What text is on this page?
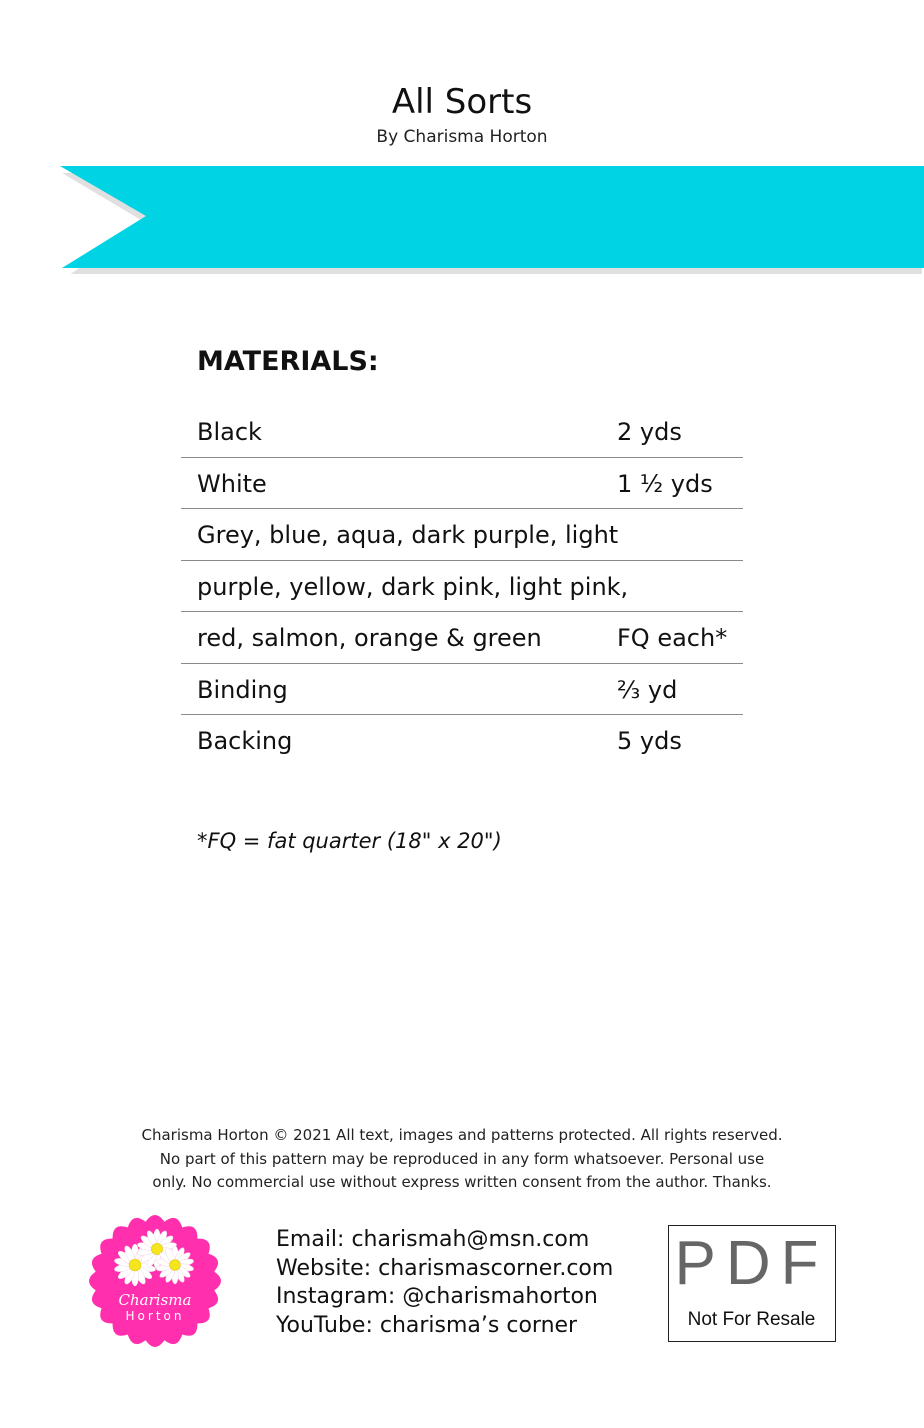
All Sorts
By Charisma Horton
MATERIALS:
Black	2 yds
White	1 ½ yds
Grey, blue, aqua, dark purple, light
purple, yellow, dark pink, light pink,
red, salmon, orange & green	FQ each*
Binding	⅔ yd
Backing	5 yds
*FQ = fat quarter (18" x 20")
Charisma Horton © 2021 All text, images and patterns protected. All rights reserved.
No part of this pattern may be reproduced in any form whatsoever. Personal use
only. No commercial use without express written consent from the author. Thanks.
Charisma
Horton
Email: charismah@msn.com
Website: charismascorner.com
Instagram: @charismahorton
YouTube: charisma’s corner
PDF
Not For Resale
